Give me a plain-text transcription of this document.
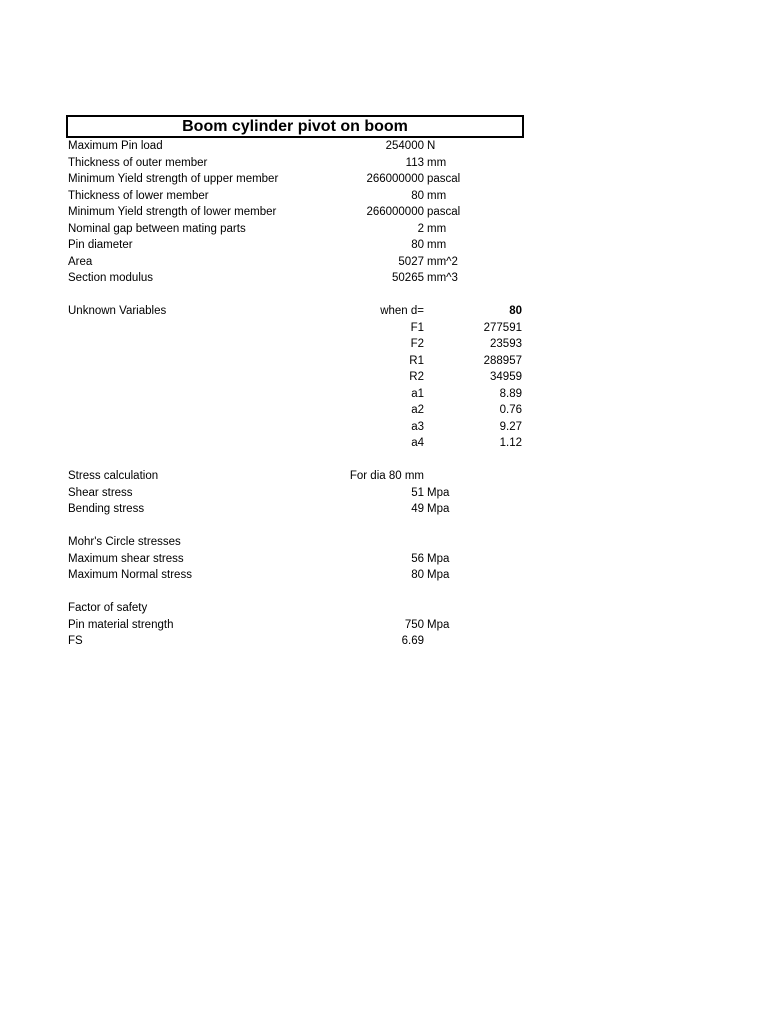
Boom cylinder pivot on boom
Maximum Pin load	254000 N
Thickness of outer member	113 mm
Minimum Yield strength of upper member	266000000 pascal
Thickness of lower member	80 mm
Minimum Yield strength of lower member	266000000 pascal
Nominal gap between mating parts	2 mm
Pin diameter	80 mm
Area	5027 mm^2
Section modulus	50265 mm^3
Unknown Variables	when d=	80
F1	277591
F2	23593
R1	288957
R2	34959
a1	8.89
a2	0.76
a3	9.27
a4	1.12
Stress calculation	For dia 80 mm
Shear stress	51 Mpa
Bending stress	49 Mpa
Mohr's Circle stresses
Maximum shear stress	56 Mpa
Maximum Normal stress	80 Mpa
Factor of safety
Pin material strength	750 Mpa
FS	6.69
